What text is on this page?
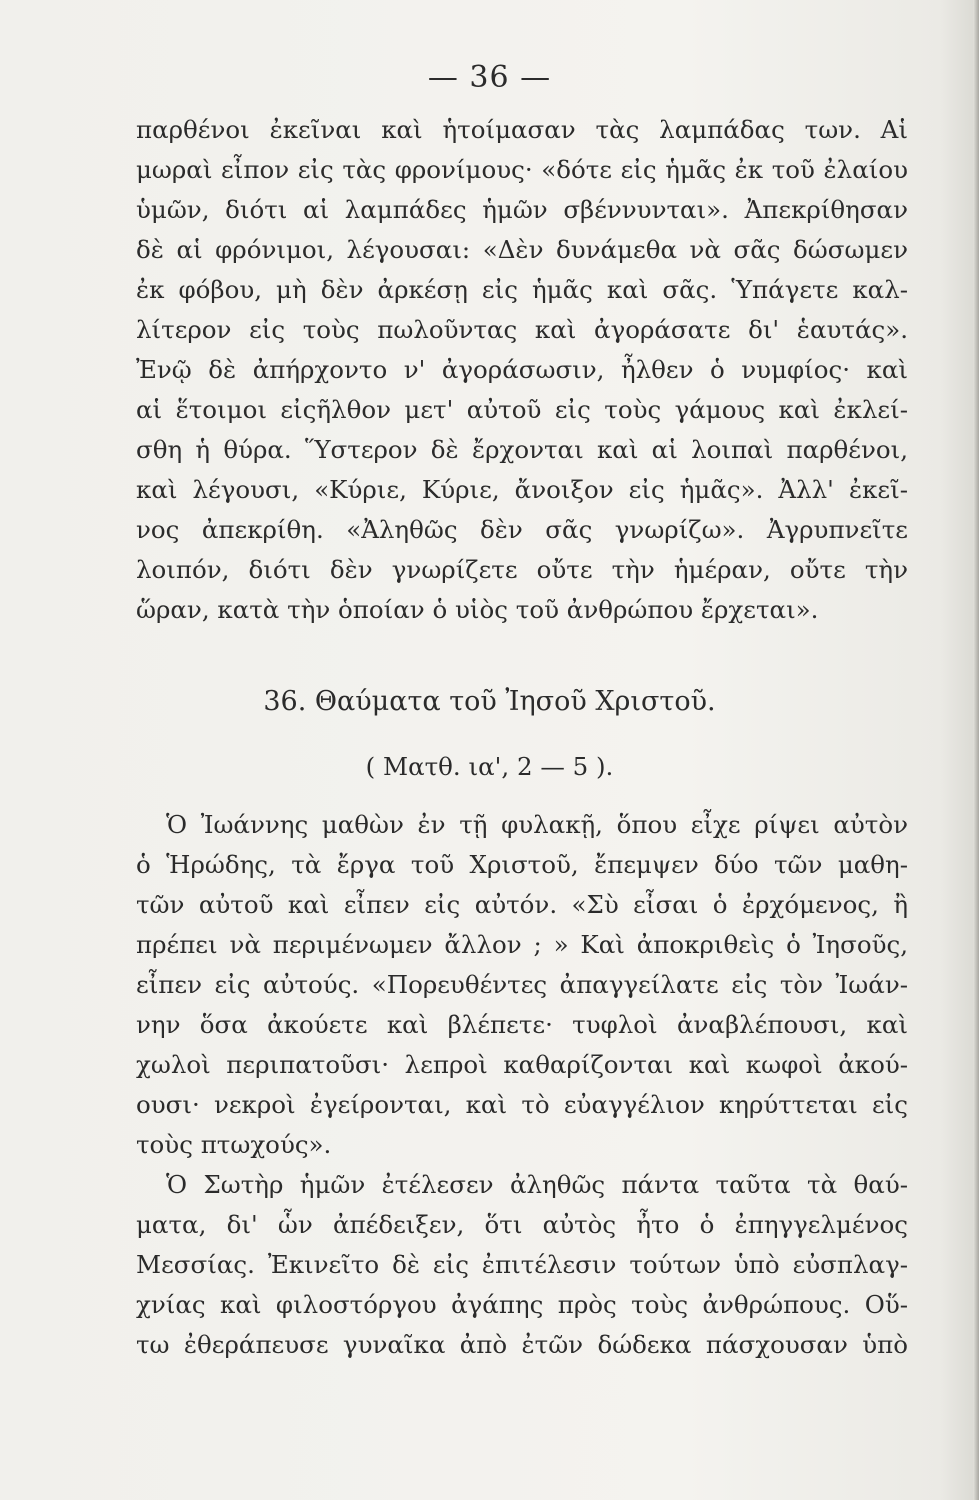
— 36 —
παρθένοι ἐκεῖναι καὶ ἡτοίμασαν τὰς λαμπάδας των. Αἱ
μωραὶ εἶπον εἰς τὰς φρονίμους· «δότε εἰς ἡμᾶς ἐκ τοῦ ἐλαίου
ὑμῶν, διότι αἱ λαμπάδες ἡμῶν σβέννυνται». Ἀπεκρίθησαν
δὲ αἱ φρόνιμοι, λέγουσαι: «Δὲν δυνάμεθα νὰ σᾶς δώσωμεν
ἐκ φόβου, μὴ δὲν ἀρκέσῃ εἰς ἡμᾶς καὶ σᾶς. Ὑπάγετε καλ-
λίτερον εἰς τοὺς πωλοῦντας καὶ ἀγοράσατε δι' ἑαυτάς».
Ἐνῷ δὲ ἀπήρχοντο ν' ἀγοράσωσιν, ἦλθεν ὁ νυμφίος· καὶ
αἱ ἕτοιμοι εἰςῆλθον μετ' αὐτοῦ εἰς τοὺς γάμους καὶ ἐκλεί-
σθη ἡ θύρα. Ὕστερον δὲ ἔρχονται καὶ αἱ λοιπαὶ παρθένοι,
καὶ λέγουσι, «Κύριε, Κύριε, ἄνοιξον εἰς ἡμᾶς». Ἀλλ' ἐκεῖ-
νος ἀπεκρίθη. «Ἀληθῶς δὲν σᾶς γνωρίζω». Ἀγρυπνεῖτε
λοιπόν, διότι δὲν γνωρίζετε οὔτε τὴν ἡμέραν, οὔτε τὴν
ὥραν, κατὰ τὴν ὁποίαν ὁ υἱὸς τοῦ ἀνθρώπου ἔρχεται».
36. Θαύματα τοῦ Ἰησοῦ Χριστοῦ.
( Ματθ. ια', 2 — 5 ).
Ὁ Ἰωάννης μαθὼν ἐν τῇ φυλακῇ, ὅπου εἶχε ρίψει αὐτὸν
ὁ Ἡρώδης, τὰ ἔργα τοῦ Χριστοῦ, ἔπεμψεν δύο τῶν μαθη-
τῶν αὐτοῦ καὶ εἶπεν εἰς αὐτόν. «Σὺ εἶσαι ὁ ἐρχόμενος, ἢ
πρέπει νὰ περιμένωμεν ἄλλον ; » Καὶ ἀποκριθεὶς ὁ Ἰησοῦς,
εἶπεν εἰς αὐτούς. «Πορευθέντες ἀπαγγείλατε εἰς τὸν Ἰωάν-
νην ὅσα ἀκούετε καὶ βλέπετε· τυφλοὶ ἀναβλέπουσι, καὶ
χωλοὶ περιπατοῦσι· λεπροὶ καθαρίζονται καὶ κωφοὶ ἀκού-
ουσι· νεκροὶ ἐγείρονται, καὶ τὸ εὐαγγέλιον κηρύττεται εἰς
τοὺς πτωχούς».
Ὁ Σωτὴρ ἡμῶν ἐτέλεσεν ἀληθῶς πάντα ταῦτα τὰ θαύ-
ματα, δι' ὧν ἀπέδειξεν, ὅτι αὐτὸς ἦτο ὁ ἐπηγγελμένος
Μεσσίας. Ἐκινεῖτο δὲ εἰς ἐπιτέλεσιν τούτων ὑπὸ εὐσπλαγ-
χνίας καὶ φιλοστόργου ἀγάπης πρὸς τοὺς ἀνθρώπους. Οὕ-
τω ἐθεράπευσε γυναῖκα ἀπὸ ἐτῶν δώδεκα πάσχουσαν ὑπὸ
